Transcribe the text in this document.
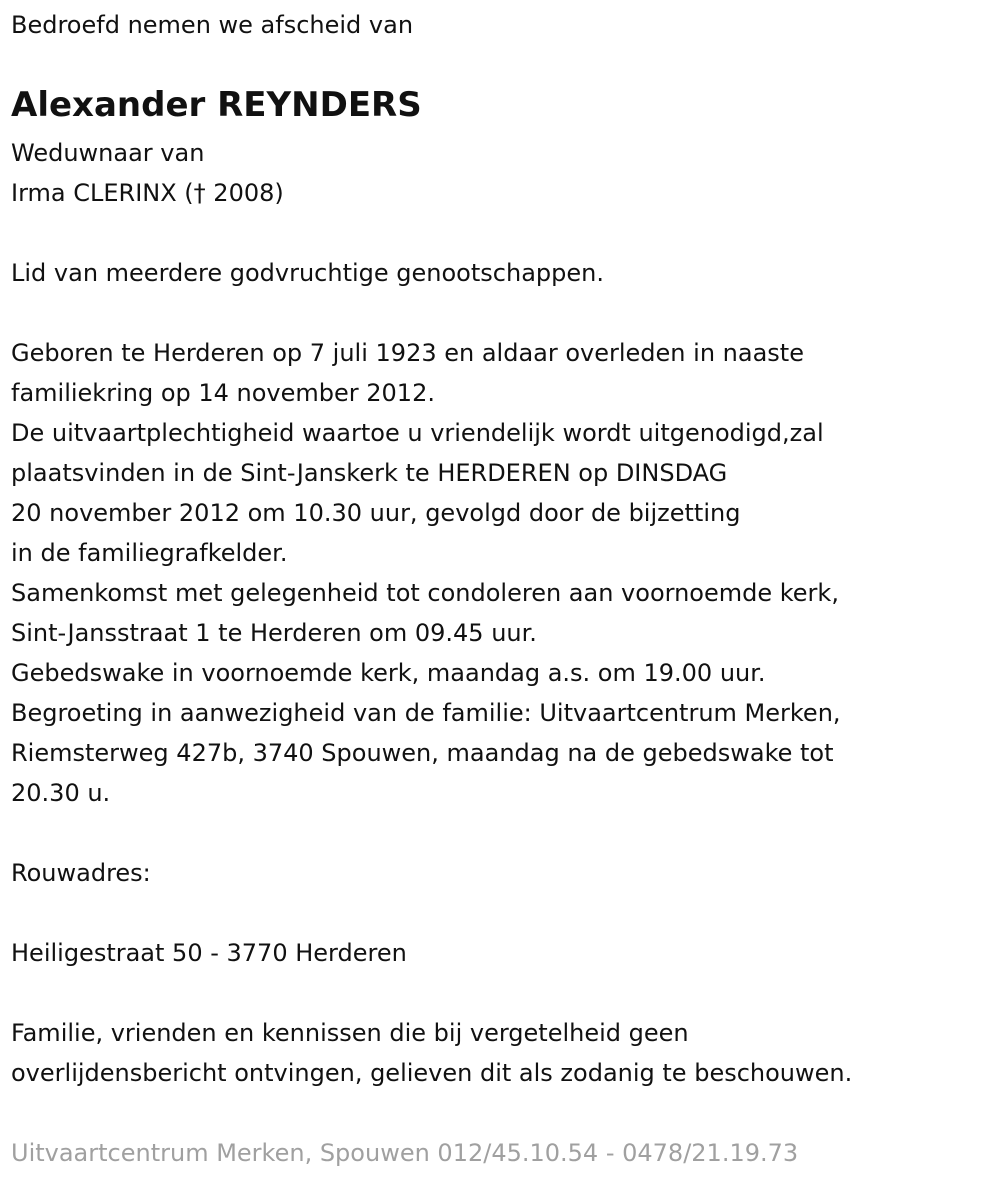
Bedroefd nemen we afscheid van
Alexander REYNDERS
Weduwnaar van
Irma CLERINX († 2008)
Lid van meerdere godvruchtige genootschappen.
Geboren te Herderen op 7 juli 1923 en aldaar overleden in naaste
familiekring op 14 november 2012.
De uitvaartplechtigheid waartoe u vriendelijk wordt uitgenodigd,zal
plaatsvinden in de Sint-Janskerk te HERDEREN op DINSDAG
20 november 2012 om 10.30 uur, gevolgd door de bijzetting
in de familiegrafkelder.
Samenkomst met gelegenheid tot condoleren aan voornoemde kerk,
Sint-Jansstraat 1 te Herderen om 09.45 uur.
Gebedswake in voornoemde kerk, maandag a.s. om 19.00 uur.
Begroeting in aanwezigheid van de familie: Uitvaartcentrum Merken,
Riemsterweg 427b, 3740 Spouwen, maandag na de gebedswake tot
20.30 u.
Rouwadres:
Heiligestraat 50 - 3770 Herderen
Familie, vrienden en kennissen die bij vergetelheid geen
overlijdensbericht ontvingen, gelieven dit als zodanig te beschouwen.
Uitvaartcentrum Merken, Spouwen 012/45.10.54 - 0478/21.19.73
